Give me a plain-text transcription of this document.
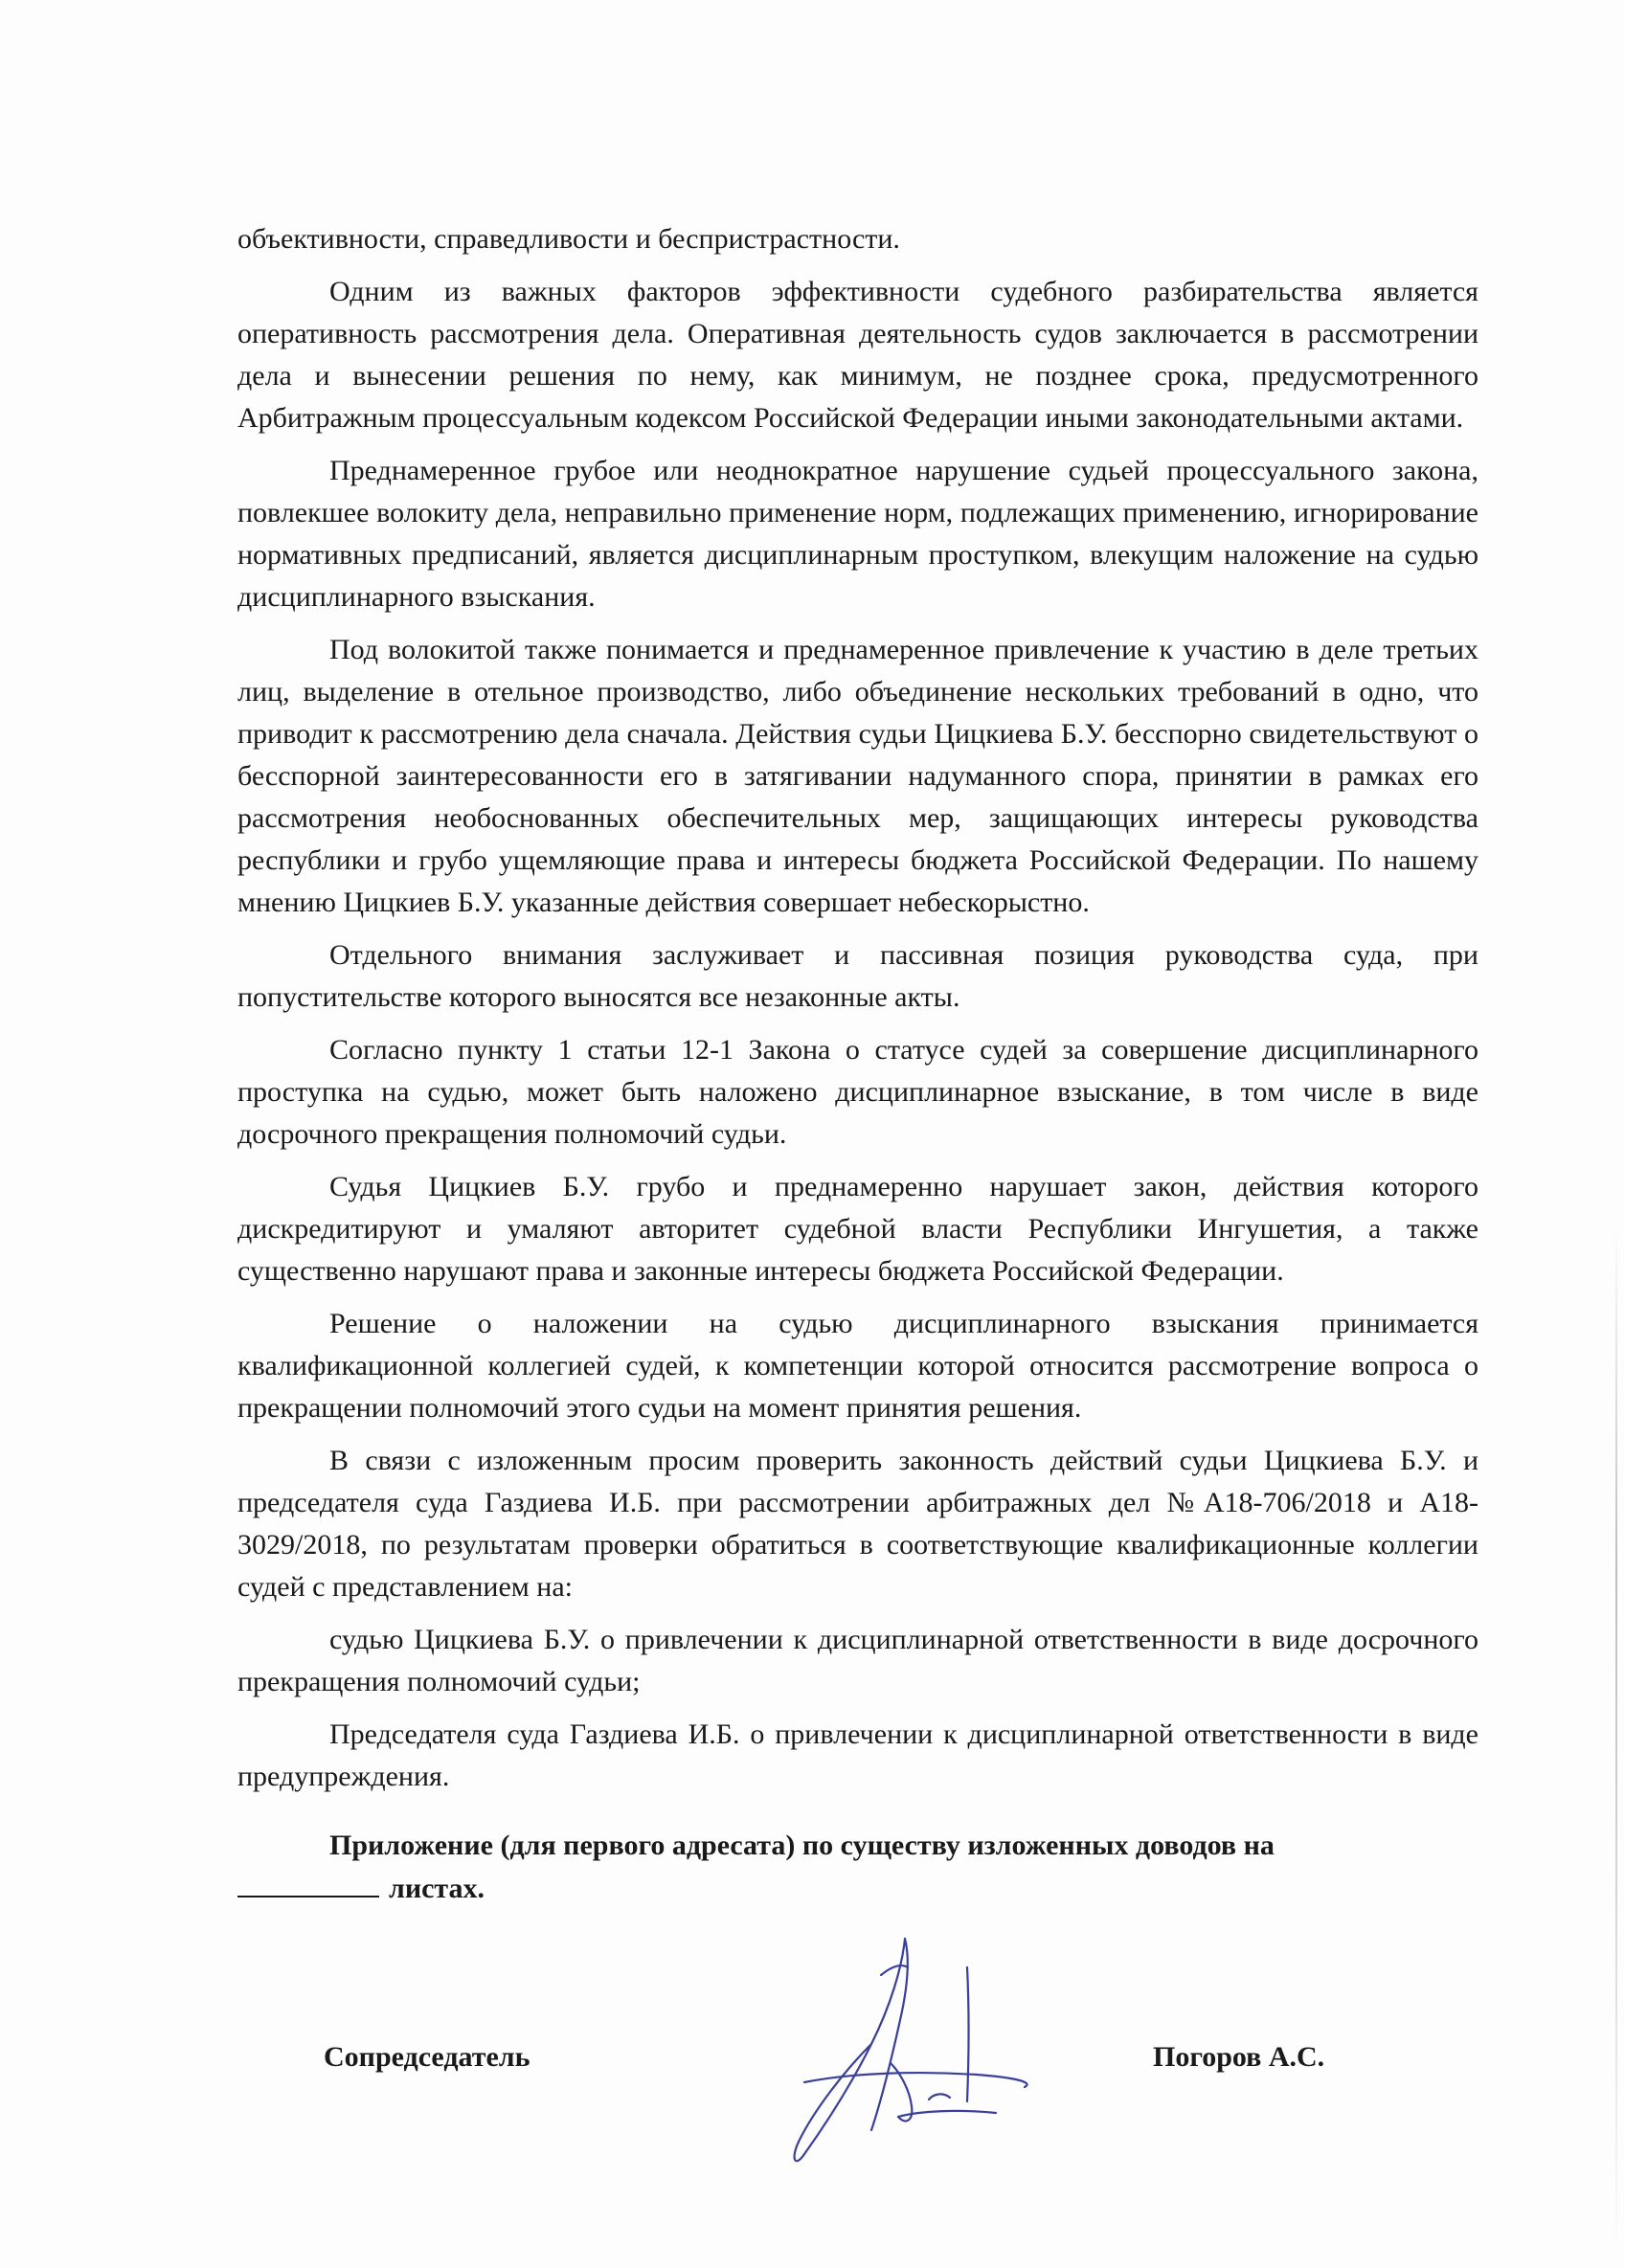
объективности, справедливости и беспристрастности.

Одним из важных факторов эффективности судебного разбирательства является оперативность рассмотрения дела. Оперативная деятельность судов заключается в рассмотрении дела и вынесении решения по нему, как минимум, не позднее срока, предусмотренного Арбитражным процессуальным кодексом Российской Федерации иными законодательными актами.

Преднамеренное грубое или неоднократное нарушение судьей процессуального закона, повлекшее волокиту дела, неправильно применение норм, подлежащих применению, игнорирование нормативных предписаний, является дисциплинарным проступком, влекущим наложение на судью дисциплинарного взыскания.

Под волокитой также понимается и преднамеренное привлечение к участию в деле третьих лиц, выделение в отельное производство, либо объединение нескольких требований в одно, что приводит к рассмотрению дела сначала. Действия судьи Цицкиева Б.У. бесспорно свидетельствуют о бесспорной заинтересованности его в затягивании надуманного спора, принятии в рамках его рассмотрения необоснованных обеспечительных мер, защищающих интересы руководства республики и грубо ущемляющие права и интересы бюджета Российской Федерации. По нашему мнению Цицкиев Б.У. указанные действия совершает небескорыстно.

Отдельного внимания заслуживает и пассивная позиция руководства суда, при попустительстве которого выносятся все незаконные акты.

Согласно пункту 1 статьи 12-1 Закона о статусе судей за совершение дисциплинарного проступка на судью, может быть наложено дисциплинарное взыскание, в том числе в виде досрочного прекращения полномочий судьи.

Судья Цицкиев Б.У. грубо и преднамеренно нарушает закон, действия которого дискредитируют и умаляют авторитет судебной власти Республики Ингушетия, а также существенно нарушают права и законные интересы бюджета Российской Федерации.

Решение о наложении на судью дисциплинарного взыскания принимается квалификационной коллегией судей, к компетенции которой относится рассмотрение вопроса о прекращении полномочий этого судьи на момент принятия решения.

В связи с изложенным просим проверить законность действий судьи Цицкиева Б.У. и председателя суда Газдиева И.Б. при рассмотрении арбитражных дел №А18-706/2018 и А18-3029/2018, по результатам проверки обратиться в соответствующие квалификационные коллегии судей с представлением на:

судью Цицкиева Б.У. о привлечении к дисциплинарной ответственности в виде досрочного прекращения полномочий судьи;

Председателя суда Газдиева И.Б. о привлечении к дисциплинарной ответственности в виде предупреждения.

Приложение (для первого адресата) по существу изложенных доводов на

листах.

Сопредседатель	Погоров А.С.
